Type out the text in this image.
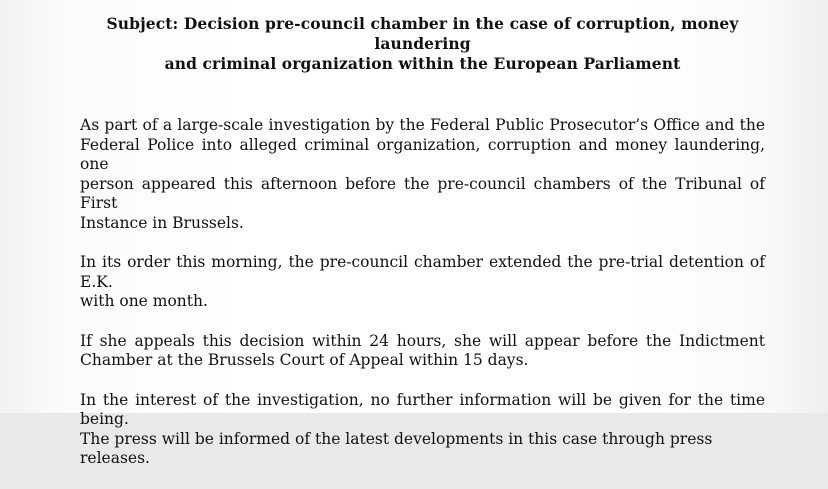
Subject: Decision pre-council chamber in the case of corruption, money laundering
and criminal organization within the European Parliament
As part of a large-scale investigation by the Federal Public Prosecutor’s Office and the
Federal Police into alleged criminal organization, corruption and money laundering, one
person appeared this afternoon before the pre-council chambers of the Tribunal of First
Instance in Brussels.
In its order this morning, the pre-council chamber extended the pre-trial detention of E.K.
with one month.
If she appeals this decision within 24 hours, she will appear before the Indictment
Chamber at the Brussels Court of Appeal within 15 days.
In the interest of the investigation, no further information will be given for the time being.
The press will be informed of the latest developments in this case through press releases.
